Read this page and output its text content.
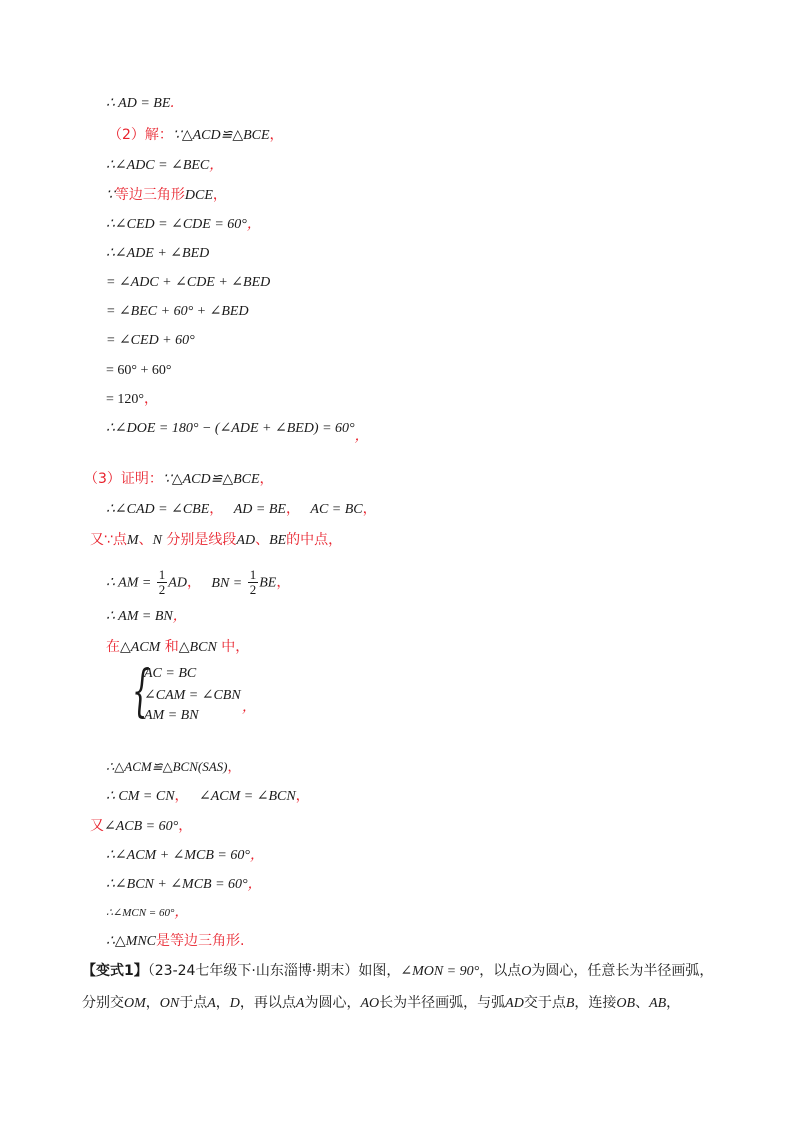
∴ AD = BE.
（2）解：∵△ACD≌△BCE，
∴∠ADC = ∠BEC，
∵等边三角形DCE，
∴∠CED = ∠CDE = 60°，
∴∠ADE + ∠BED
= ∠ADC + ∠CDE + ∠BED
= ∠BEC + 60° + ∠BED
= ∠CED + 60°
= 60° + 60°
= 120°，
∴∠DOE = 180° − (∠ADE + ∠BED) = 60°，
（3）证明：∵△ACD≌△BCE，
∴∠CAD = ∠CBE， AD = BE， AC = BC，
又∵点M、N 分别是线段AD、BE的中点，
∴ AM = $\frac{1}{2}$ AD， BN = $\frac{1}{2}$ BE，
∴ AM = BN，
在△ACM 和△BCN 中，
{
AC = BC
∠CAM = ∠CBN
AM = BN
，
∴△ACM≌△BCN(SAS)，
∴ CM = CN， ∠ACM = ∠BCN，
又∠ACB = 60°，
∴∠ACM + ∠MCB = 60°，
∴∠BCN + ∠MCB = 60°，
∴∠MCN = 60°，
∴△MNC是等边三角形.
【变式1】（23-24七年级下·山东淄博·期末）如图，∠MON = 90°，以点O为圆心，任意长为半径画弧，
分别交OM，ON于点A，D，再以点A为圆心，AO长为半径画弧，与弧AD交于点B，连接OB、AB，
